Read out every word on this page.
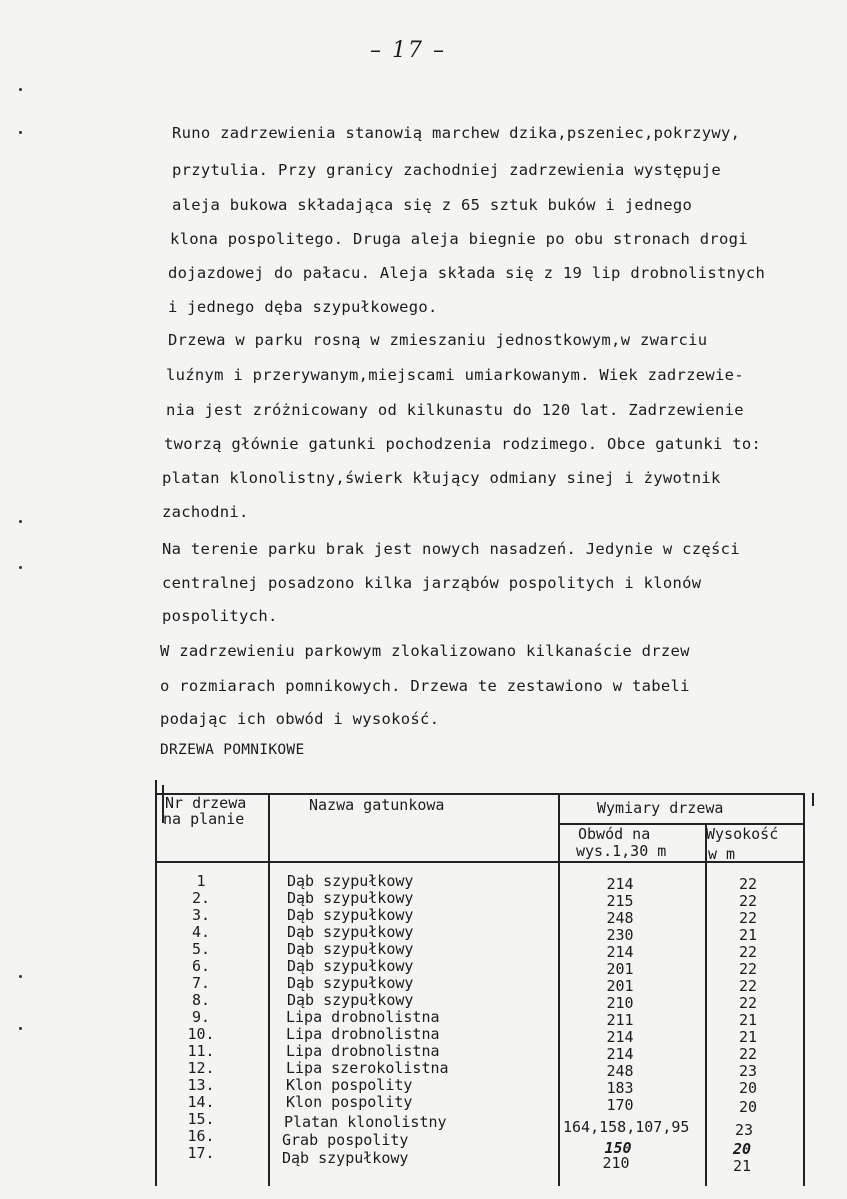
– 17 –
Runo zadrzewienia stanowią marchew dzika,pszeniec,pokrzywy,
przytulia. Przy granicy zachodniej zadrzewienia występuje
aleja bukowa składająca się z 65 sztuk buków i jednego
klona pospolitego. Druga aleja biegnie po obu stronach drogi
dojazdowej do pałacu. Aleja składa się z 19 lip drobnolistnych
i jednego dęba szypułkowego.
Drzewa w parku rosną w zmieszaniu jednostkowym,w zwarciu
luźnym i przerywanym,miejscami umiarkowanym. Wiek zadrzewie-
nia jest zróżnicowany od kilkunastu do 120 lat. Zadrzewienie
tworzą głównie gatunki pochodzenia rodzimego. Obce gatunki to:
platan klonolistny,świerk kłujący odmiany sinej i żywotnik
zachodni.
Na terenie parku brak jest nowych nasadzeń. Jedynie w części
centralnej posadzono kilka jarząbów pospolitych i klonów
pospolitych.
W zadrzewieniu parkowym zlokalizowano kilkanaście drzew
o rozmiarach pomnikowych. Drzewa te zestawiono w tabeli
podając ich obwód i wysokość.
DRZEWA POMNIKOWE
Nr drzewa
na planie
Nazwa gatunkowa	Wymiary drzewa
Obwód na
wys.1,30 m
Wysokość
w m
1	Dąb szypułkowy	214	22
2.	Dąb szypułkowy	215	22
3.	Dąb szypułkowy	248	22
4.	Dąb szypułkowy	230	21
5.	Dąb szypułkowy	214	22
6.	Dąb szypułkowy	201	22
7.	Dąb szypułkowy	201	22
8.	Dąb szypułkowy	210	22
9.	Lipa drobnolistna	211	21
10.	Lipa drobnolistna	214	21
11.	Lipa drobnolistna	214	22
12.	Lipa szerokolistna	248	23
13.	Klon pospolity	183	20
14.	Klon pospolity	170	20
15.	Platan klonolistny	164,158,107,95	23
16.	Grab pospolity	150	20
17.	Dąb szypułkowy	210	21
